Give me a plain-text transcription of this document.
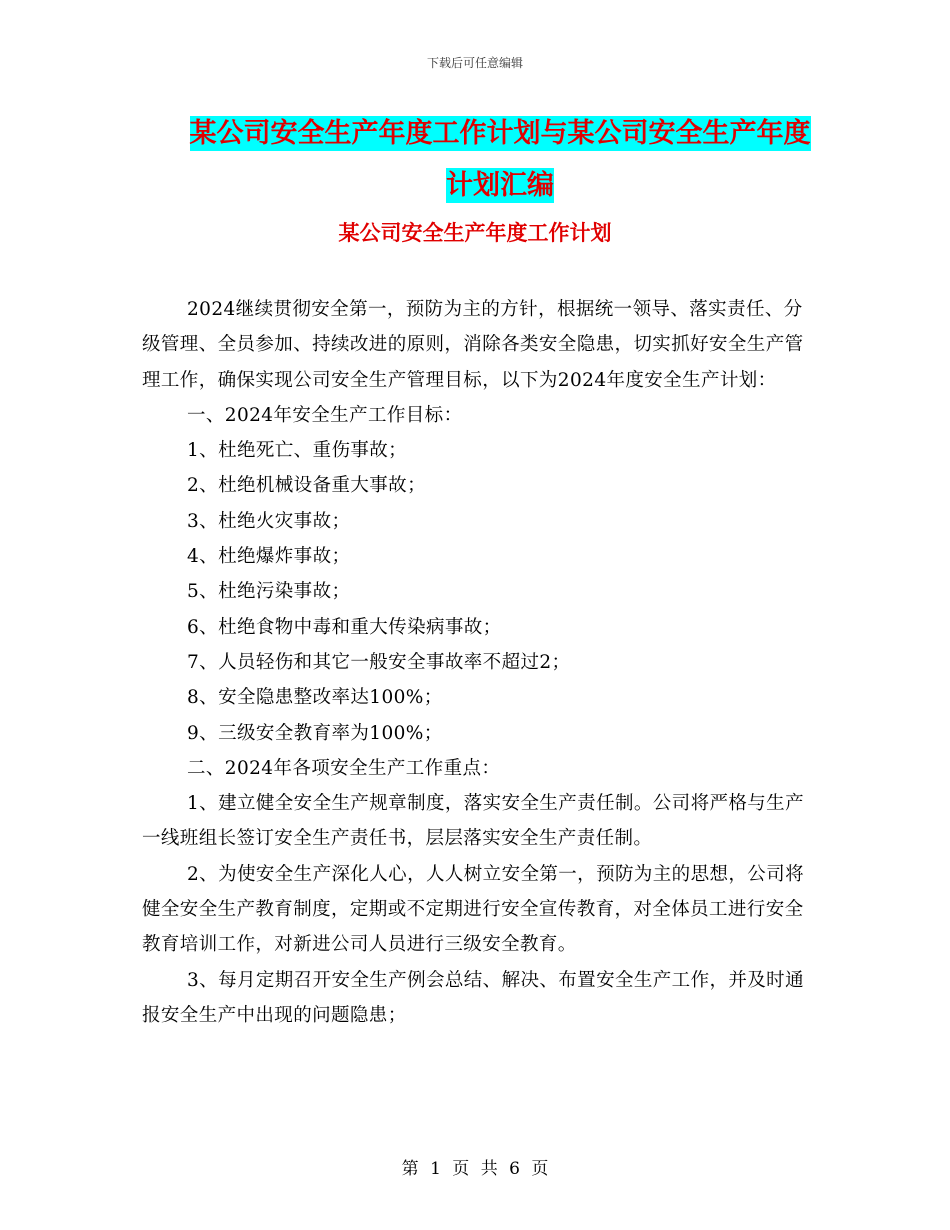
下载后可任意编辑
某公司安全生产年度工作计划与某公司安全生产年度
计划汇编
某公司安全生产年度工作计划

2024继续贯彻安全第一，预防为主的方针，根据统一领导、落实责任、分级管理、全员参加、持续改进的原则，消除各类安全隐患，切实抓好安全生产管理工作，确保实现公司安全生产管理目标，以下为2024年度安全生产计划：

一、2024年安全生产工作目标：

1、杜绝死亡、重伤事故；

2、杜绝机械设备重大事故；

3、杜绝火灾事故；

4、杜绝爆炸事故；

5、杜绝污染事故；

6、杜绝食物中毒和重大传染病事故；

7、人员轻伤和其它一般安全事故率不超过2；

8、安全隐患整改率达100%；

9、三级安全教育率为100%；

二、2024年各项安全生产工作重点：

1、建立健全安全生产规章制度，落实安全生产责任制。公司将严格与生产一线班组长签订安全生产责任书，层层落实安全生产责任制。

2、为使安全生产深化人心，人人树立安全第一，预防为主的思想，公司将健全安全生产教育制度，定期或不定期进行安全宣传教育，对全体员工进行安全教育培训工作，对新进公司人员进行三级安全教育。

3、每月定期召开安全生产例会总结、解决、布置安全生产工作，并及时通报安全生产中出现的问题隐患；

第 1 页 共 6 页
